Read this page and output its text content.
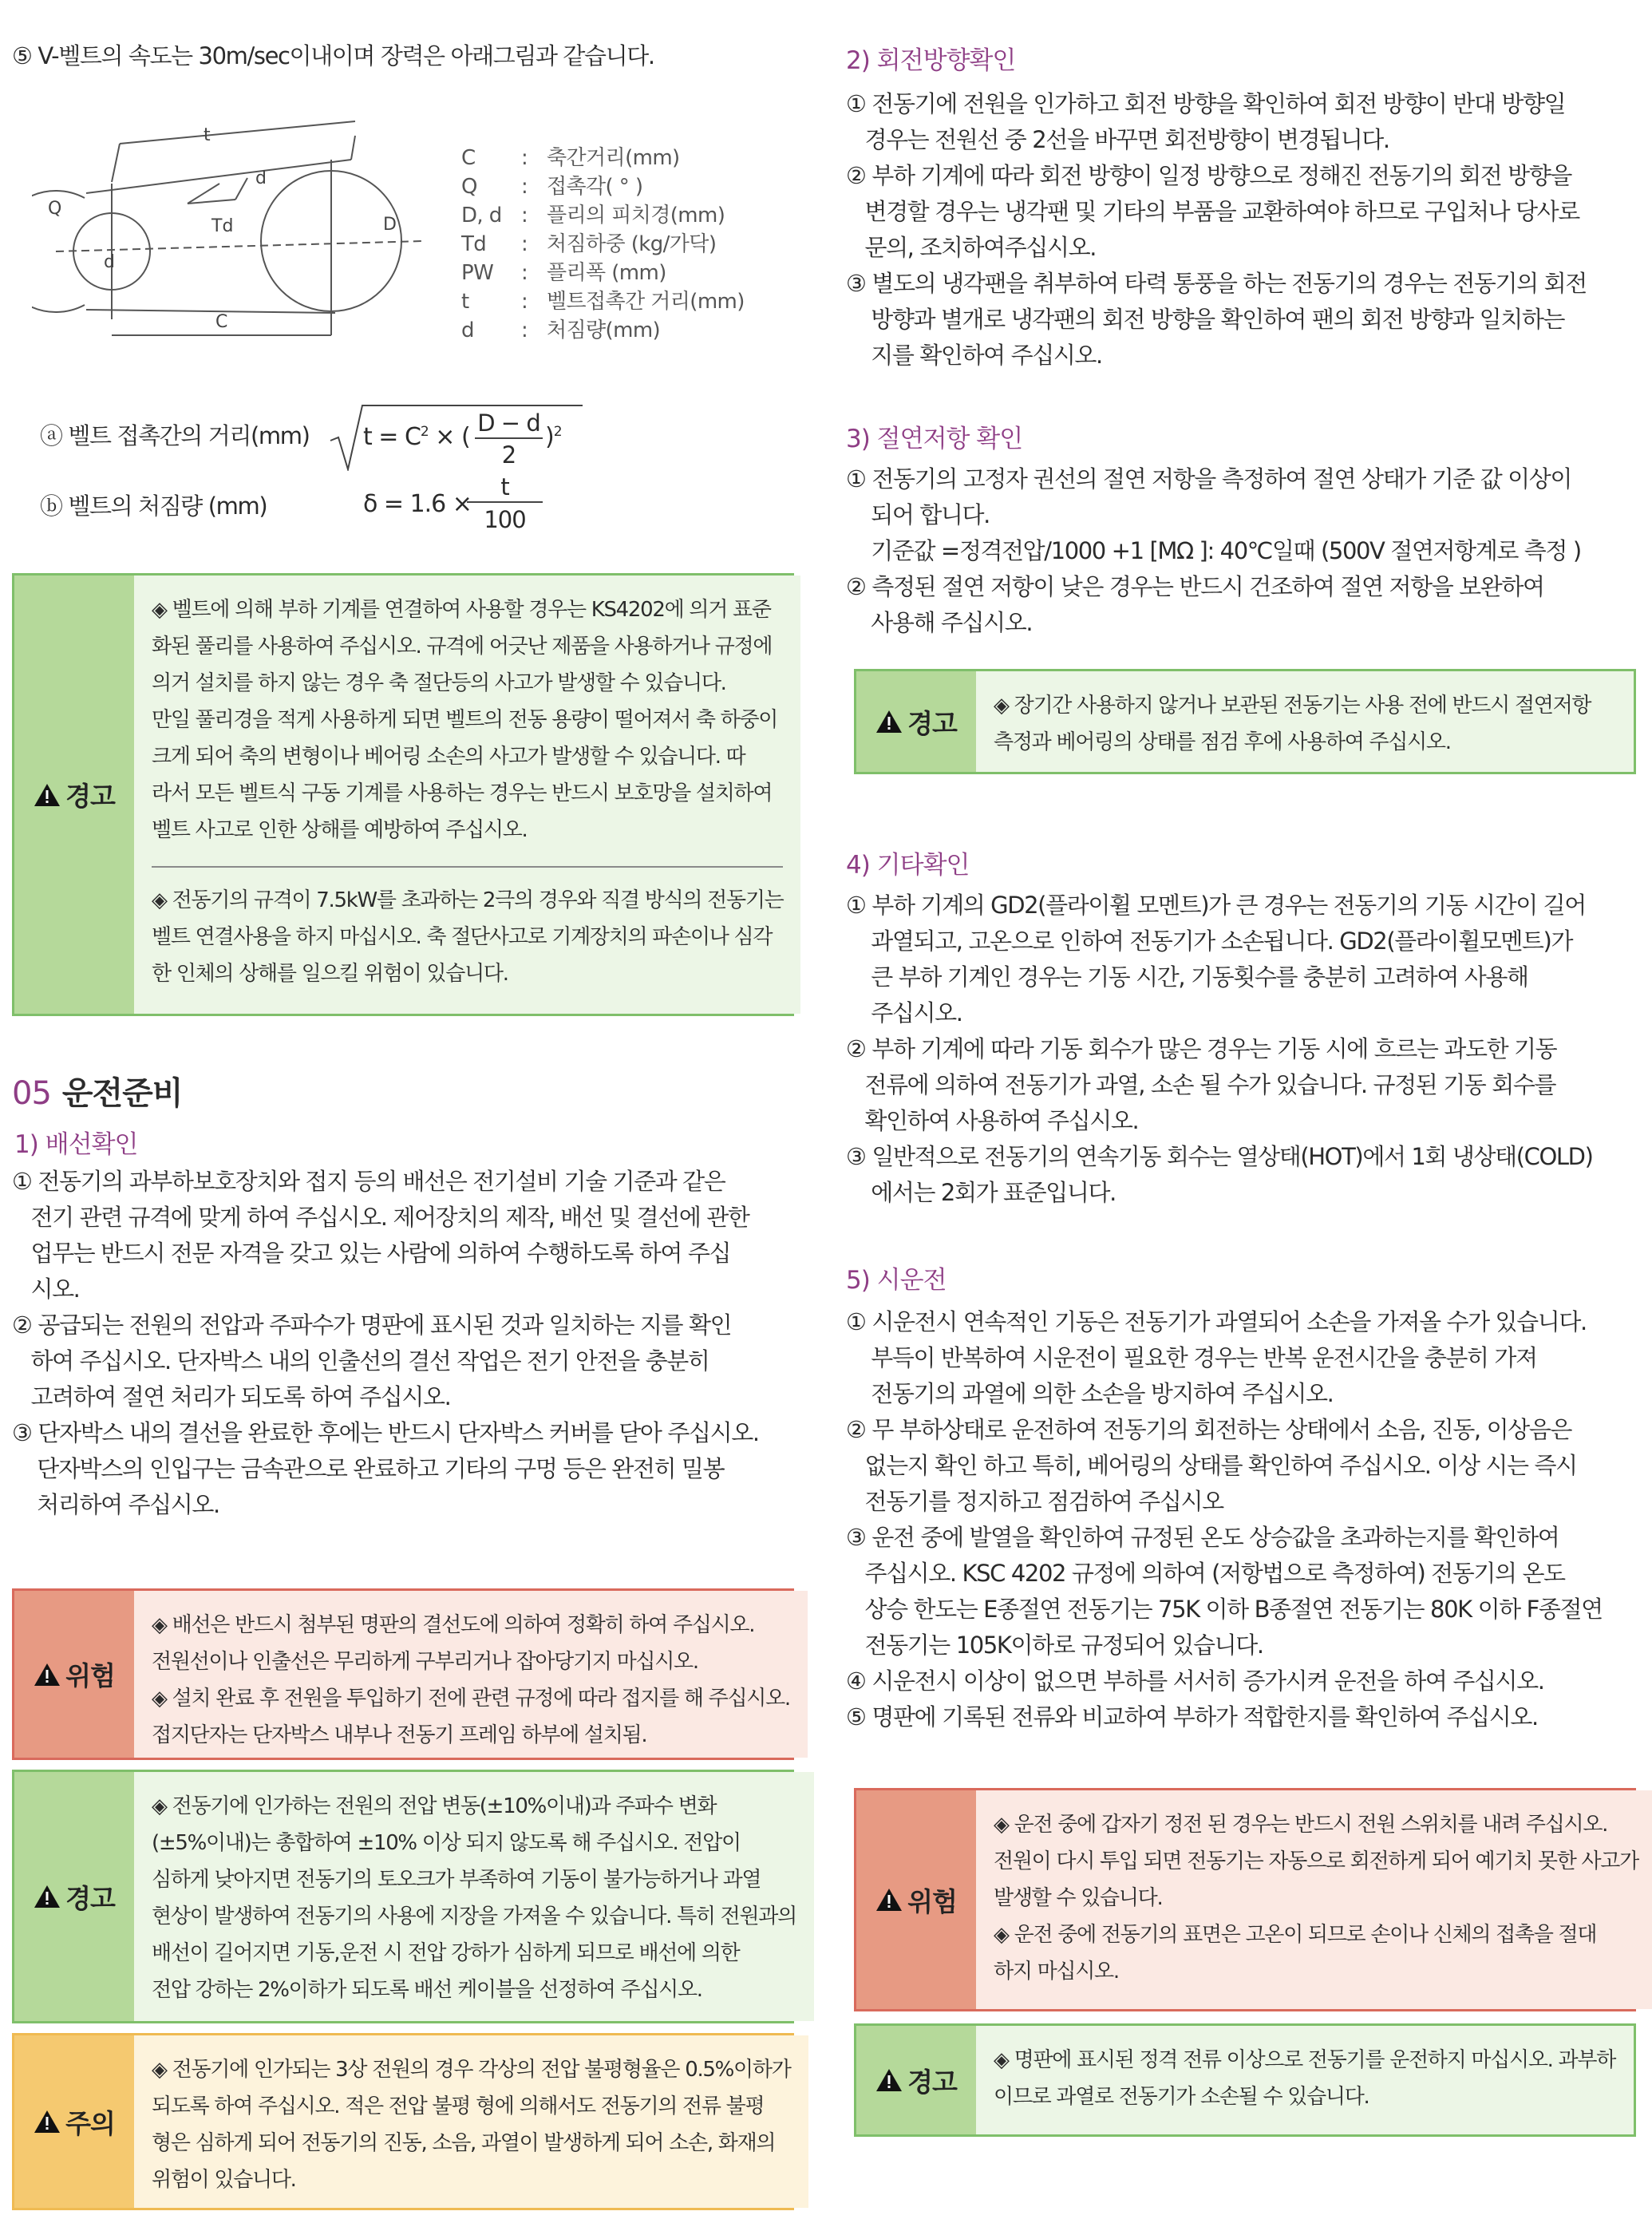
⑤ V-벨트의 속도는 30m/sec이내이며 장력은 아래그림과 같습니다.
t
d
Q
Td	D
d
C
C : 축간거리(mm)
Q : 접촉각( ° )
D, d : 플리의 피치경(mm)
Td : 처짐하중 (kg/가닥)
PW : 플리폭 (mm)
t	: 벨트접촉간 거리(mm)
d : 처짐량(mm)
ⓐ 벨트 접촉간의 거리(mm) $t = C^2$ × ( $\frac{D - d}{2} )^2$
ⓑ 벨트의 처짐량 (mm)	δ = 1.6 ×
$\frac{t}{100}$
경고
◈ 벨트에 의해 부하 기계를 연결하여 사용할 경우는 KS4202에 의거 표준
화된 풀리를 사용하여 주십시오. 규격에 어긋난 제품을 사용하거나 규정에
의거 설치를 하지 않는 경우 축 절단등의 사고가 발생할 수 있습니다.
만일 풀리경을 적게 사용하게 되면 벨트의 전동 용량이 떨어져서 축 하중이
크게 되어 축의 변형이나 베어링 소손의 사고가 발생할 수 있습니다. 따
라서 모든 벨트식 구동 기계를 사용하는 경우는 반드시 보호망을 설치하여
벨트 사고로 인한 상해를 예방하여 주십시오.
◈ 전동기의 규격이 7.5kW를 초과하는 2극의 경우와 직결 방식의 전동기는
벨트 연결사용을 하지 마십시오. 축 절단사고로 기계장치의 파손이나 심각
한 인체의 상해를 일으킬 위험이 있습니다.
05 운전준비
1) 배선확인
① 전동기의 과부하보호장치와 접지 등의 배선은 전기설비 기술 기준과 같은
전기 관련 규격에 맞게 하여 주십시오. 제어장치의 제작, 배선 및 결선에 관한
업무는 반드시 전문 자격을 갖고 있는 사람에 의하여 수행하도록 하여 주십
시오.
② 공급되는 전원의 전압과 주파수가 명판에 표시된 것과 일치하는 지를 확인
하여 주십시오. 단자박스 내의 인출선의 결선 작업은 전기 안전을 충분히
고려하여 절연 처리가 되도록 하여 주십시오.
③ 단자박스 내의 결선을 완료한 후에는 반드시 단자박스 커버를 닫아 주십시오.
단자박스의 인입구는 금속관으로 완료하고 기타의 구멍 등은 완전히 밀봉
처리하여 주십시오.
위험
◈ 배선은 반드시 첨부된 명판의 결선도에 의하여 정확히 하여 주십시오.
전원선이나 인출선은 무리하게 구부리거나 잡아당기지 마십시오.
◈ 설치 완료 후 전원을 투입하기 전에 관련 규정에 따라 접지를 해 주십시오.
접지단자는 단자박스 내부나 전동기 프레임 하부에 설치됨.
경고
◈ 전동기에 인가하는 전원의 전압 변동(±10%이내)과 주파수 변화
(±5%이내)는 총합하여 ±10% 이상 되지 않도록 해 주십시오. 전압이
심하게 낮아지면 전동기의 토오크가 부족하여 기동이 불가능하거나 과열
현상이 발생하여 전동기의 사용에 지장을 가져올 수 있습니다. 특히 전원과의
배선이 길어지면 기동,운전 시 전압 강하가 심하게 되므로 배선에 의한
전압 강하는 2%이하가 되도록 배선 케이블을 선정하여 주십시오.
주의
◈ 전동기에 인가되는 3상 전원의 경우 각상의 전압 불평형율은 0.5%이하가
되도록 하여 주십시오. 적은 전압 불평 형에 의해서도 전동기의 전류 불평
형은 심하게 되어 전동기의 진동, 소음, 과열이 발생하게 되어 소손, 화재의
위험이 있습니다.
2) 회전방향확인
① 전동기에 전원을 인가하고 회전 방향을 확인하여 회전 방향이 반대 방향일
경우는 전원선 중 2선을 바꾸면 회전방향이 변경됩니다.
② 부하 기계에 따라 회전 방향이 일정 방향으로 정해진 전동기의 회전 방향을
변경할 경우는 냉각팬 및 기타의 부품을 교환하여야 하므로 구입처나 당사로
문의, 조치하여주십시오.
③ 별도의 냉각팬을 취부하여 타력 통풍을 하는 전동기의 경우는 전동기의 회전
방향과 별개로 냉각팬의 회전 방향을 확인하여 팬의 회전 방향과 일치하는
지를 확인하여 주십시오.
3) 절연저항 확인
① 전동기의 고정자 권선의 절연 저항을 측정하여 절연 상태가 기준 값 이상이
되어 합니다.
기준값 =정격전압/1000 +1 [MΩ ]: 40℃일때 (500V 절연저항계로 측정 )
② 측정된 절연 저항이 낮은 경우는 반드시 건조하여 절연 저항을 보완하여
사용해 주십시오.
경고
◈ 장기간 사용하지 않거나 보관된 전동기는 사용 전에 반드시 절연저항
측정과 베어링의 상태를 점검 후에 사용하여 주십시오.
4) 기타확인
① 부하 기계의 GD2(플라이휠 모멘트)가 큰 경우는 전동기의 기동 시간이 길어
과열되고, 고온으로 인하여 전동기가 소손됩니다. GD2(플라이휠모멘트)가
큰 부하 기계인 경우는 기동 시간, 기동횟수를 충분히 고려하여 사용해
주십시오.
② 부하 기계에 따라 기동 회수가 많은 경우는 기동 시에 흐르는 과도한 기동
전류에 의하여 전동기가 과열, 소손 될 수가 있습니다. 규정된 기동 회수를
확인하여 사용하여 주십시오.
③ 일반적으로 전동기의 연속기동 회수는 열상태(HOT)에서 1회 냉상태(COLD)
에서는 2회가 표준입니다.
5) 시운전
① 시운전시 연속적인 기동은 전동기가 과열되어 소손을 가져올 수가 있습니다.
부득이 반복하여 시운전이 필요한 경우는 반복 운전시간을 충분히 가져
전동기의 과열에 의한 소손을 방지하여 주십시오.
② 무 부하상태로 운전하여 전동기의 회전하는 상태에서 소음, 진동, 이상음은
없는지 확인 하고 특히, 베어링의 상태를 확인하여 주십시오. 이상 시는 즉시
전동기를 정지하고 점검하여 주십시오
③ 운전 중에 발열을 확인하여 규정된 온도 상승값을 초과하는지를 확인하여
주십시오. KSC 4202 규정에 의하여 (저항법으로 측정하여) 전동기의 온도
상승 한도는 E종절연 전동기는 75K 이하 B종절연 전동기는 80K 이하 F종절연
전동기는 105K이하로 규정되어 있습니다.
④ 시운전시 이상이 없으면 부하를 서서히 증가시켜 운전을 하여 주십시오.
⑤ 명판에 기록된 전류와 비교하여 부하가 적합한지를 확인하여 주십시오.
위험
◈ 운전 중에 갑자기 정전 된 경우는 반드시 전원 스위치를 내려 주십시오.
전원이 다시 투입 되면 전동기는 자동으로 회전하게 되어 예기치 못한 사고가
발생할 수 있습니다.
◈ 운전 중에 전동기의 표면은 고온이 되므로 손이나 신체의 접촉을 절대
하지 마십시오.
경고
◈ 명판에 표시된 정격 전류 이상으로 전동기를 운전하지 마십시오. 과부하
이므로 과열로 전동기가 소손될 수 있습니다.
